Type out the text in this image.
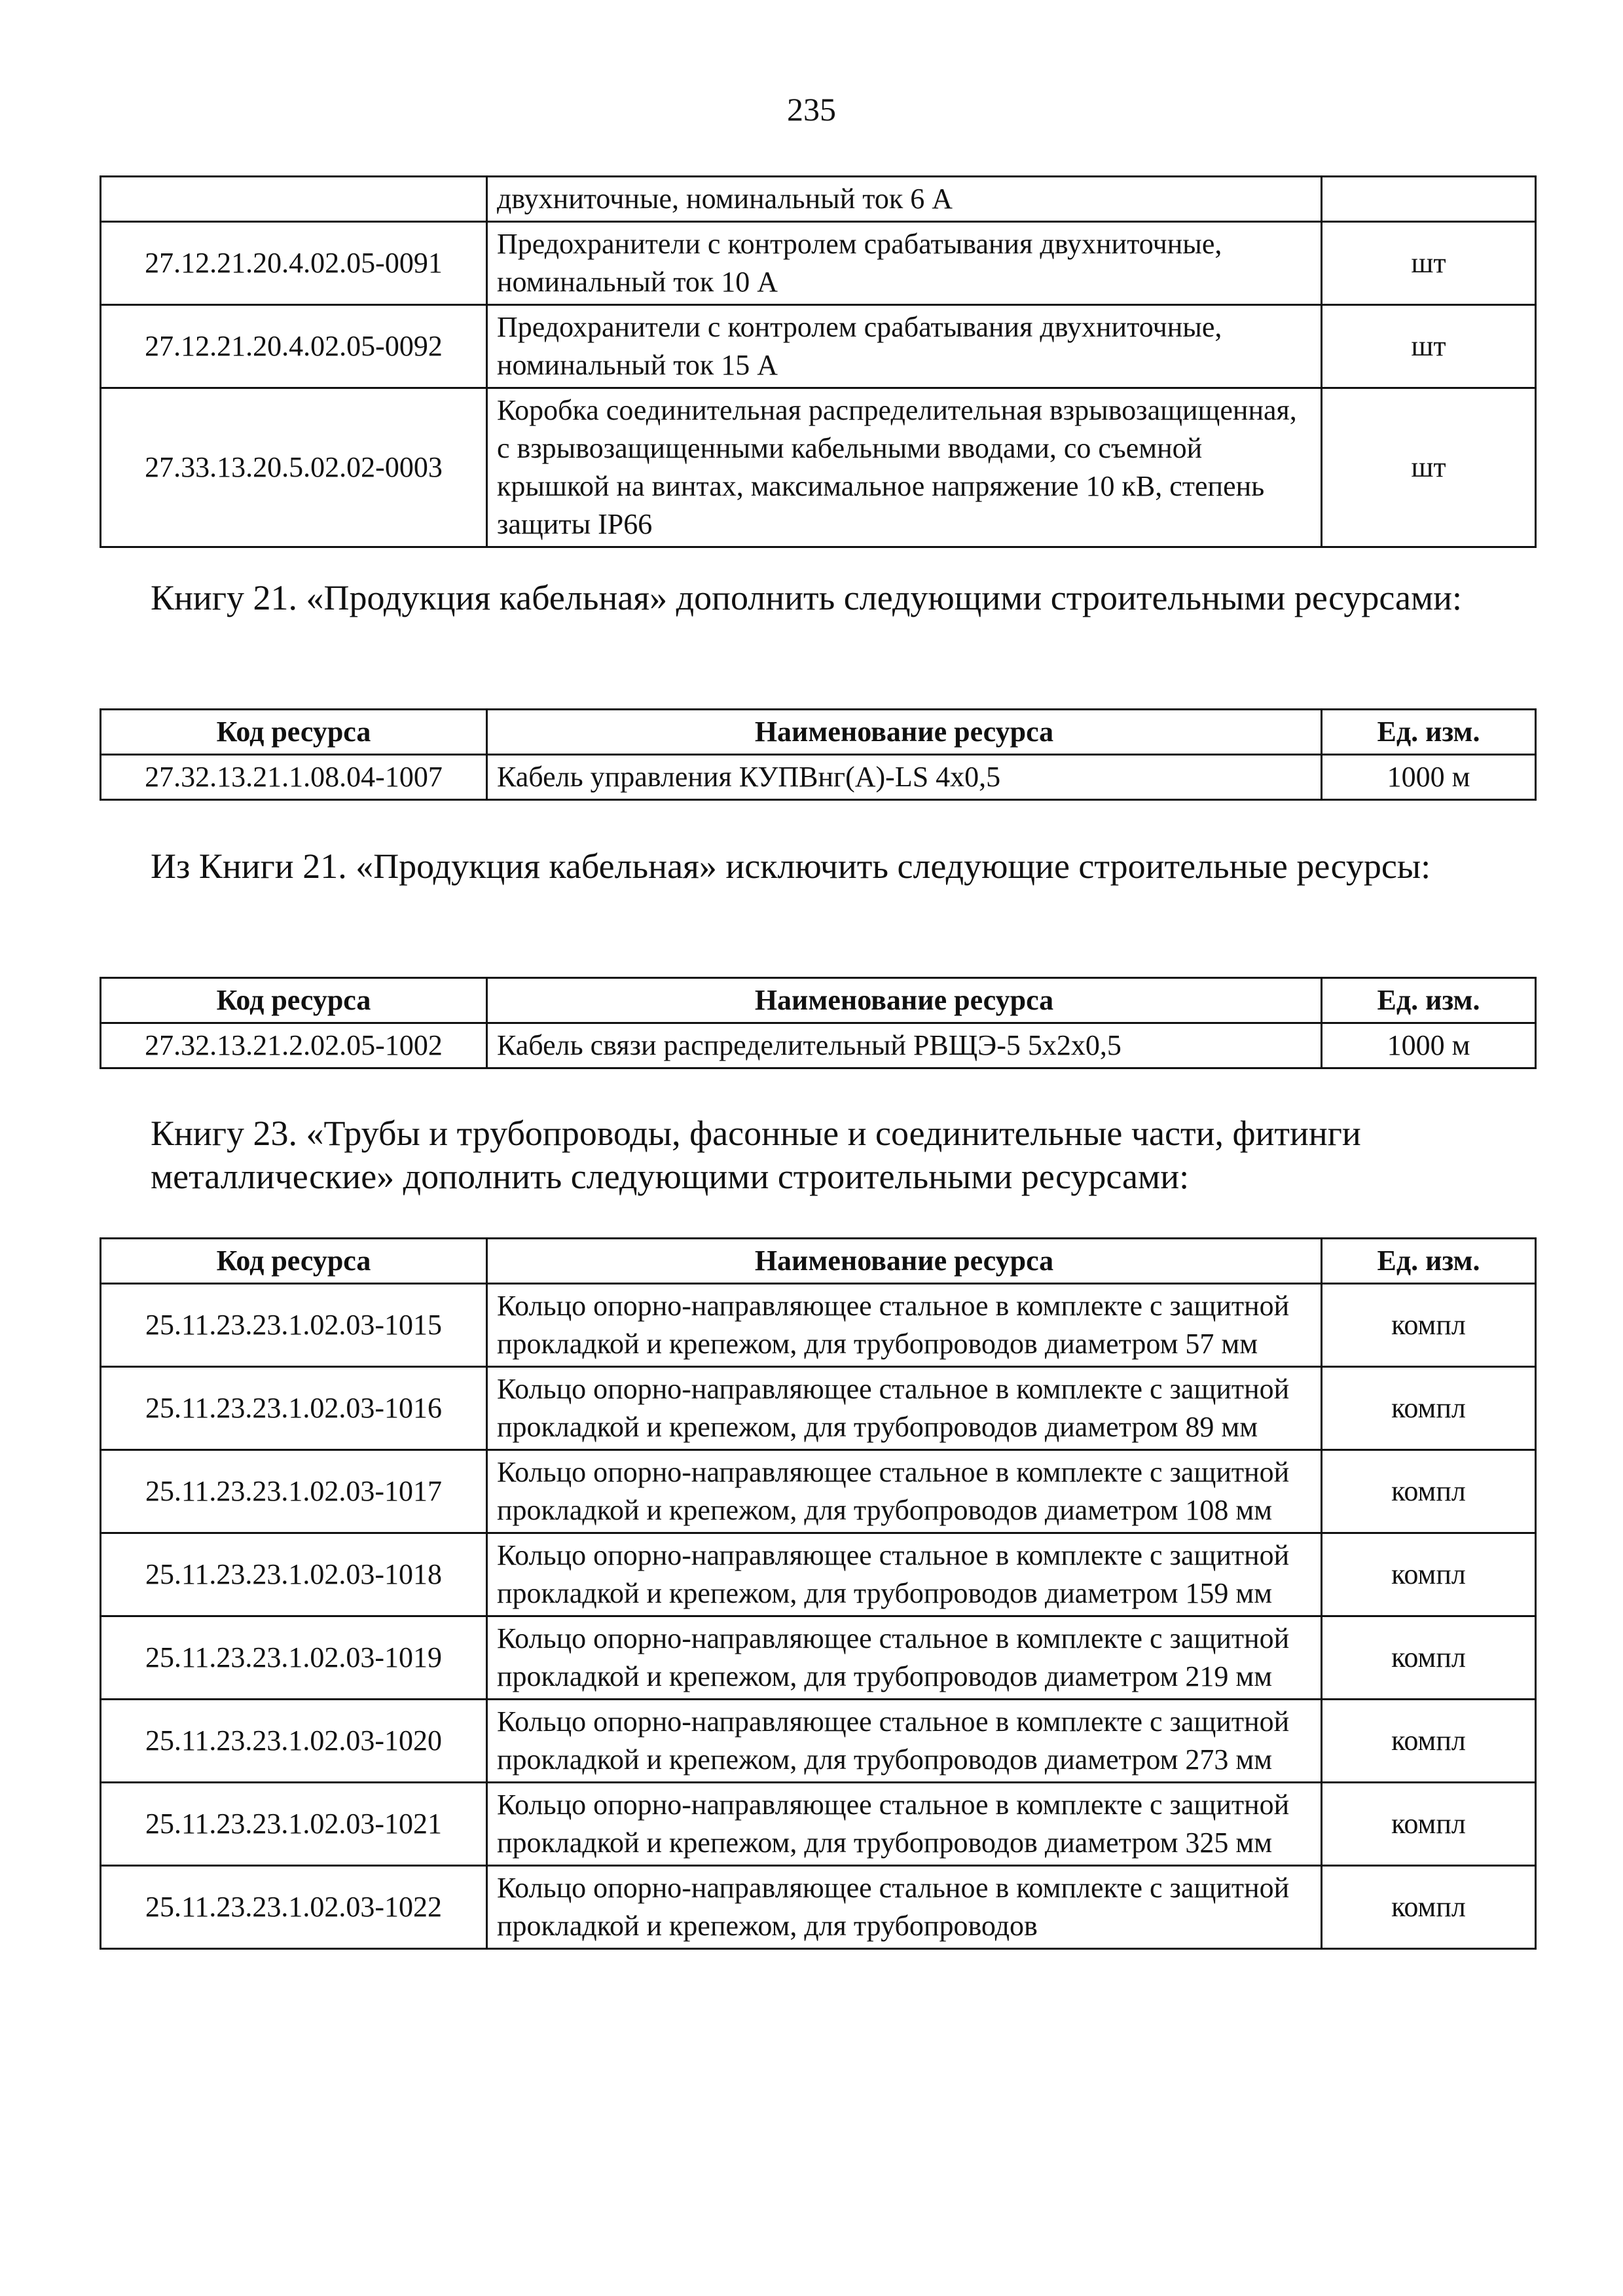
235
	двухниточные, номинальный ток 6 А	
27.12.21.20.4.02.05-0091	Предохранители с контролем срабатывания двухниточные, номинальный ток 10 А	шт
27.12.21.20.4.02.05-0092	Предохранители с контролем срабатывания двухниточные, номинальный ток 15 А	шт
27.33.13.20.5.02.02-0003	Коробка соединительная распределительная взрывозащищенная, с взрывозащищенными кабельными вводами, со съемной крышкой на винтах, максимальное напряжение 10 кВ, степень защиты IP66	шт
Книгу 21. «Продукция кабельная» дополнить следующими строительными ресурсами:
Код ресурса	Наименование ресурса	Ед. изм.
27.32.13.21.1.08.04-1007	Кабель управления КУПВнг(А)-LS 4x0,5	1000 м
Из Книги 21. «Продукция кабельная» исключить следующие строительные ресурсы:
Код ресурса	Наименование ресурса	Ед. изм.
27.32.13.21.2.02.05-1002	Кабель связи распределительный РВЩЭ-5 5x2x0,5	1000 м
Книгу 23. «Трубы и трубопроводы, фасонные и соединительные части, фитинги металлические» дополнить следующими строительными ресурсами:
Код ресурса	Наименование ресурса	Ед. изм.
25.11.23.23.1.02.03-1015	Кольцо опорно-направляющее стальное в комплекте с защитной прокладкой и крепежом, для трубопроводов диаметром 57 мм	компл
25.11.23.23.1.02.03-1016	Кольцо опорно-направляющее стальное в комплекте с защитной прокладкой и крепежом, для трубопроводов диаметром 89 мм	компл
25.11.23.23.1.02.03-1017	Кольцо опорно-направляющее стальное в комплекте с защитной прокладкой и крепежом, для трубопроводов диаметром 108 мм	компл
25.11.23.23.1.02.03-1018	Кольцо опорно-направляющее стальное в комплекте с защитной прокладкой и крепежом, для трубопроводов диаметром 159 мм	компл
25.11.23.23.1.02.03-1019	Кольцо опорно-направляющее стальное в комплекте с защитной прокладкой и крепежом, для трубопроводов диаметром 219 мм	компл
25.11.23.23.1.02.03-1020	Кольцо опорно-направляющее стальное в комплекте с защитной прокладкой и крепежом, для трубопроводов диаметром 273 мм	компл
25.11.23.23.1.02.03-1021	Кольцо опорно-направляющее стальное в комплекте с защитной прокладкой и крепежом, для трубопроводов диаметром 325 мм	компл
25.11.23.23.1.02.03-1022	Кольцо опорно-направляющее стальное в комплекте с защитной прокладкой и крепежом, для трубопроводов	компл
